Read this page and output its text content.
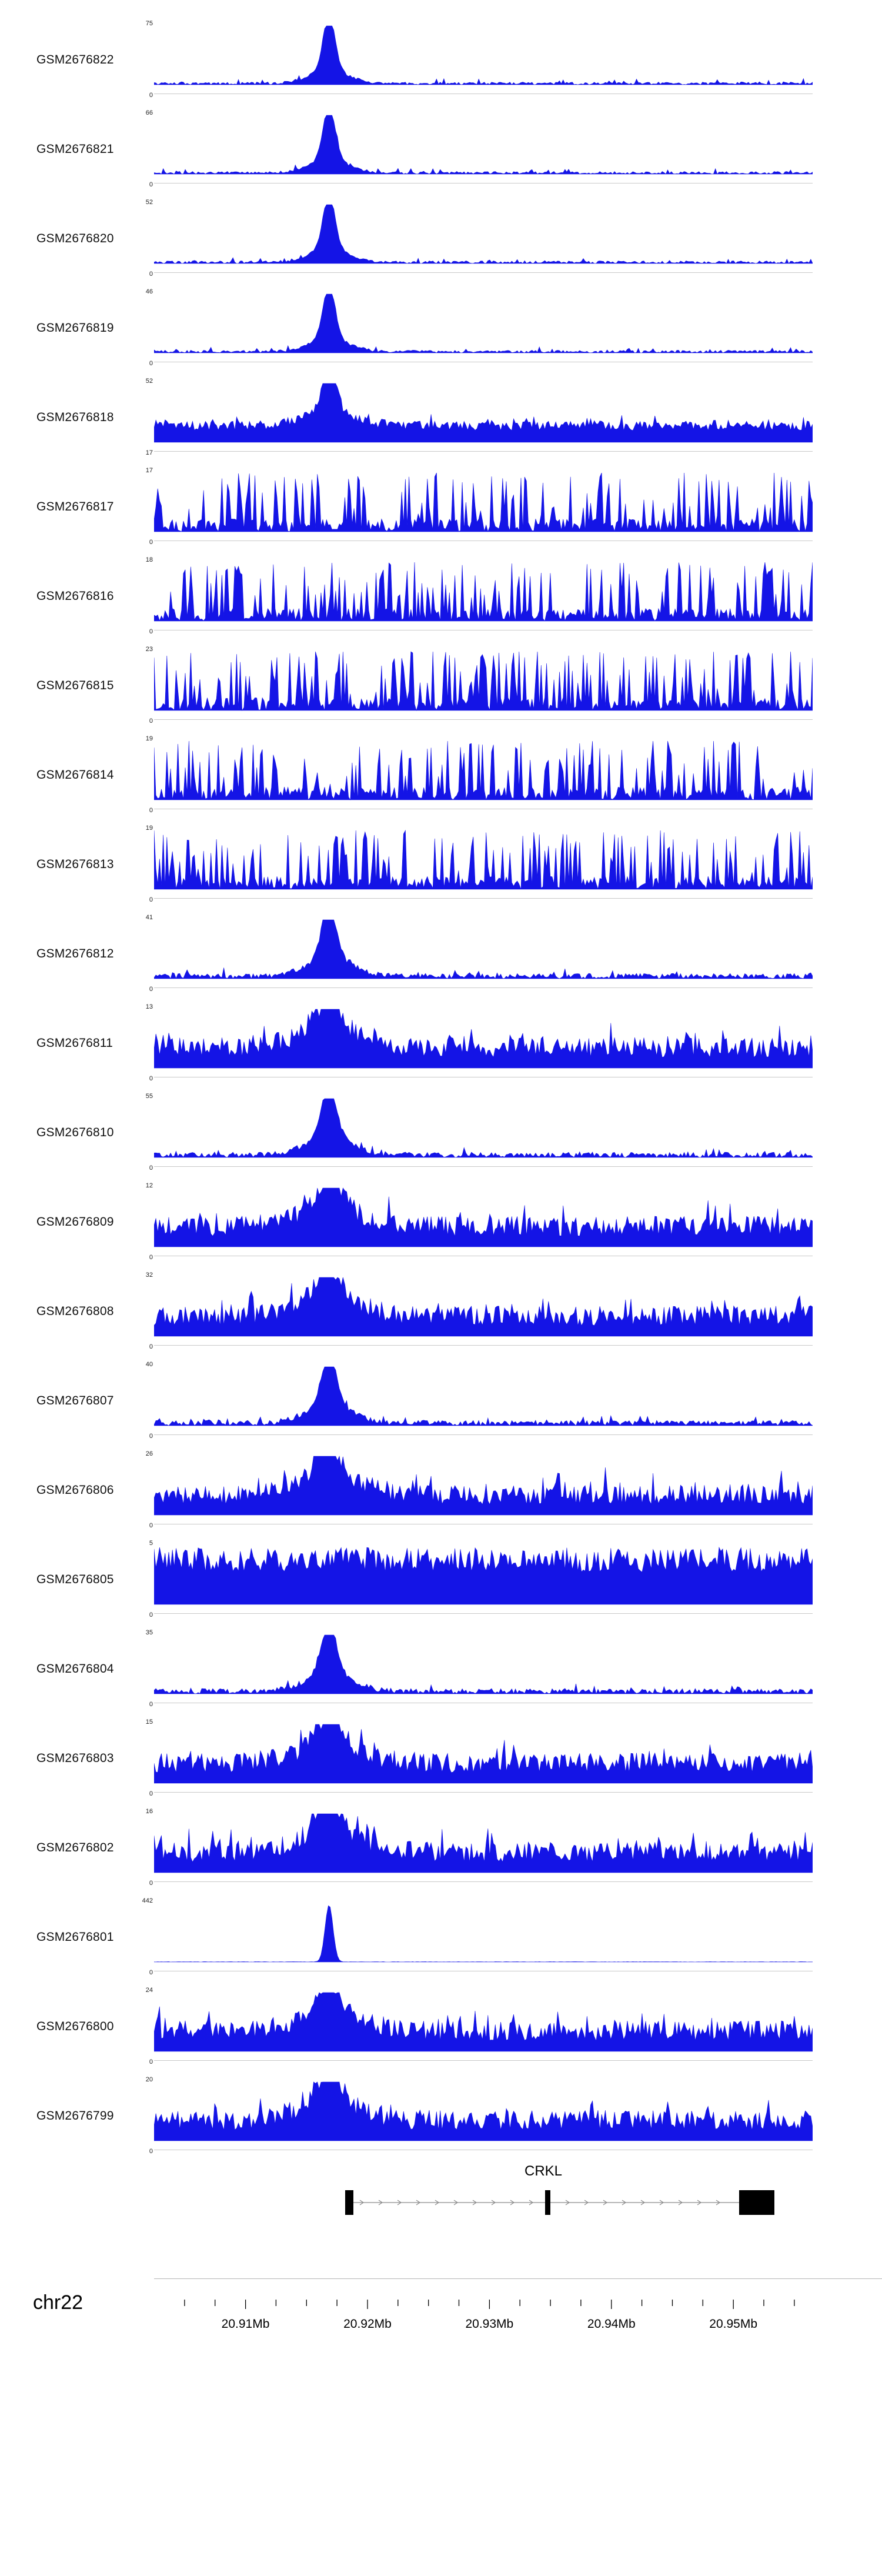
GSM2676822
75
0
GSM2676821
66
0
GSM2676820
52
0
GSM2676819
46
0
GSM2676818
52
17
GSM2676817
17
0
GSM2676816
18
0
GSM2676815
23
0
GSM2676814
19
0
GSM2676813
19
0
GSM2676812
41
0
GSM2676811
13
0
GSM2676810
55
0
GSM2676809
12
0
GSM2676808
32
0
GSM2676807
40
0
GSM2676806
26
0
GSM2676805
5
0
GSM2676804
35
0
GSM2676803
15
0
GSM2676802
16
0
GSM2676801
442
0
GSM2676800
24
0
GSM2676799
20
0
CRKL
chr22
20.91Mb	20.92Mb	20.93Mb	20.94Mb	20.95Mb
